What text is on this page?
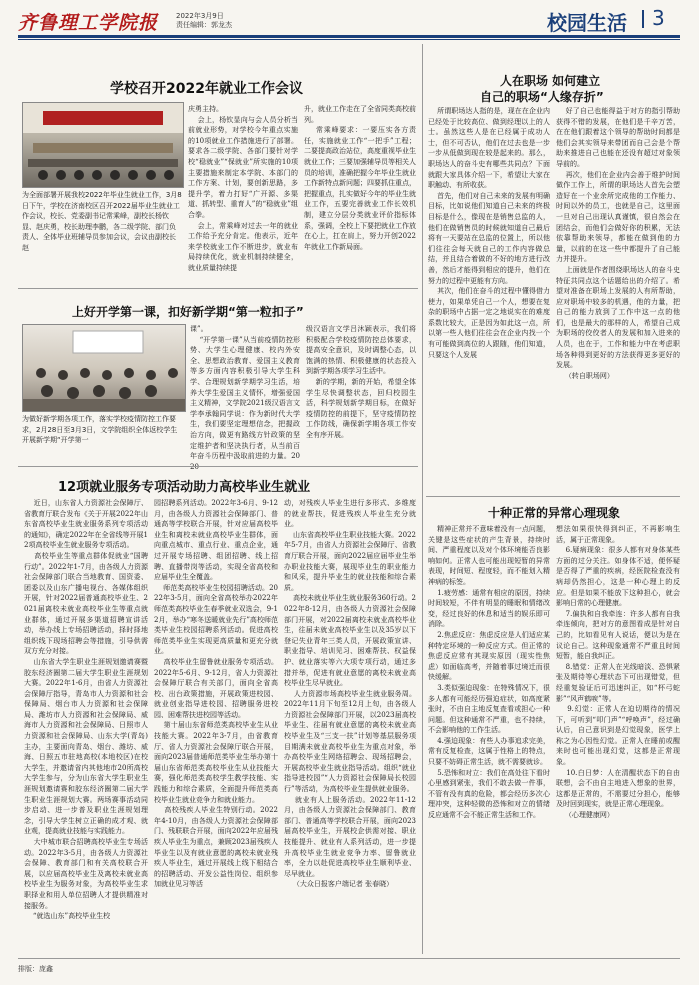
齐鲁理工学院报	2022年3月9日
责任编辑：郭龙杰	校园生活 3
学校召开2022年就业工作会议
为全面部署开展我校2022年毕业生就业工作，3月8日下午，学校在济南校区召开2022届毕业生就业工作会议，校长、党委副书记常乘峰，副校长杨钦显、赵庆勇，校长助理李鹏，各二级学院、部门负责人、全体毕业班辅导员参加会议，会议由副校长赵
庆勇主持。
会上，杨钦显向与会人员分析当前就业形势，对学校今年重点实施的10项就业工作措施进行了部署。要求各二级学院、各部门要针对学校“稳就业”“保就业”所实施的10项主要措施来制定本学院、本部门的工作方案、计划，要创新思路，多提升学，着力打好“广开源、多渠道、抓转型、重育人”的“稳就业”组合拳。
会上，常乘峰对过去一年的就业工作给予充分肯定。他表示，近年来学校就业工作不断进步，就业布局持续优化，就业机制持续健全，就业质量持续提
升，就业工作走在了全省同类高校前列。
常乘峰要求：一要压实各方责任，实施就业工作“一把手”工程；二要提高政治站位，高度重视毕业生就业工作；三要加强辅导员等相关人员的培训，准确把握今年毕业生就业工作新特点新问题；四要抓住重点，把握重点，扎实做好今年的毕业生就业工作，五要完善就业工作长效机制，建立分层分类就业评价指标体系，强调，全校上下要把就业工作放在心上，扛在肩上，努力开创2022年就业工作新局面。
上好开学第一课，扣好新学期“第一粒扣子”
为做好新学期各项工作，落实学校疫情防控工作要求，2月28日至3月3日，文学院组织全体返校学生开展新学期“开学第一
课”。
“开学第一课”从当前疫情防控形势、大学生心理健康、校内外安全、思想政治教育、爱国主义教育等多方面内容积极引导大学生科学、合理规划新学期学习生活，培养大学生爱国主义情怀，增强爱国主义精神，文学院2021级汉语言文学李承翰同学说：作为新时代大学生，我们要坚定理想信念，把握政治方向，做更有路线方针政策的坚定维护者和坚决执行者，从当前百年奋斗历程中汲取前进的力量。20
级汉语言文学吕沐颖表示，我们将积极配合学校疫情防控总体要求，提高安全意识，及时调整心态，以饱满的热情、积极健康的状态投入到新学期各项学习生活中。
新的学期，新的开始，希望全体学生尽快调整状态，回归校园生活，科学规划新学期目标，在做好疫情防控的前提下，坚守疫情防控工作防线，确保新学期各项工作安全有序开展。
12项就业服务专项活动助力高校毕业生就业
近日，山东省人力资源社会保障厅、省教育厅联合发布《关于开展2022年山东省高校毕业生就业服务系列专项活动的通知》，确定2022年在全省线等开展12项高校毕业生就业服务专项活动。
高校毕业生等重点群体促就业“国聘行动”。2022年1-7月，由各级人力资源社会保障部门联合当地教育、国资委、团委以及山东广播电视台、各媒体组织开展，针对2022届普通高校毕业生、2021届离校未就业高校毕业生等重点就业群体，通过开展多渠道招聘宣讲活动，举办线上专场招聘活动，择时择地组织线下现场招聘会等措施，引导供需双方充分对接。
山东省大学生职业生涯规划邀请赛暨胶东经济圈第二届大学生职业生涯规划大赛。2022年1-6月，由省人力资源社会保障厅指导，青岛市人力资源和社会保障局、烟台市人力资源和社会保障局、潍坊市人力资源和社会保障局、威海市人力资源和社会保障局、日照市人力资源和社会保障局、山东大学(青岛)主办，主要面向青岛、烟台、潍坊、威海、日照五市驻地高校(本地校区)在校大学生，并邀请省内其他地市20所高校大学生参与，分为山东省大学生职业生涯规划邀请赛和胶东经济圈第二届大学生职业生涯规划大赛。两场赛事活动同步启动、进一步普及职业生涯规划理念，引导大学生树立正确的成才观、就业观，提高就业技能与实践能力。
大中城市联合招聘高校毕业生专场活动。2022年3-5月，由各级人力资源社会保障、教育部门和有关高校联合开展，以应届高校毕业生及离校未就业高校毕业生为服务对象，为高校毕业生求职择业和用人单位招聘人才提供精准对接服务。
“就选山东”高校毕业生校
园招聘系列活动。2022年3-6月、9-12月，由各级人力资源社会保障部门、普通高等学校联合开展，针对应届高校毕业生和离校未就业高校毕业生群体，面向重点城市、重点行业、重点企业，通过开展专场招聘、组团招聘、线上招聘、直播带岗等活动，实现全省高校和应届毕业生全覆盖。
师范类高校毕业生校园招聘活动。2022年3-5月，面向全省高校举办2022年师范类高校毕业生春季就业双选会，9-12月，举办“寒冬送暖就业先行”高校师范类毕业生校园招聘系列活动。促进高校师范类毕业生实现更高质量和更充分就业。
高校毕业生留鲁就业服务专项活动。2022年5-6月、9-12月，省人力资源社会保障厅联合有关部门，面向全省高校、出台政策措施，开展政策进校园、就业创业指导进校园、招聘服务进校园、困难帮扶进校园等活动。
第十届山东省师范类高校毕业生从业技能大赛。2022年3-7月，由省教育厅、省人力资源社会保障厅联合开展，面向2023届普通师范类毕业生举办第十届山东省师范类高校毕业生从业技能大赛，强化师范类高校学生教学技能、实践能力和综合素质，全面提升师范类高校毕业生就业竞争力和就业能力。
高校残疾人毕业生特别行动。2022年4-10月，由各级人力资源社会保障部门、残联联合开展，面向2022年应届残疾人毕业生为重点，兼顾2023届残疾人毕业生以及有就业意愿的离校未就业残疾人毕业生，通过开展线上线下相结合的招聘活动、开发公益性岗位、组织参加就业见习等活
动，对残疾人毕业生进行多形式、多维度的就业帮扶，促进残疾人毕业生充分就业。
山东省高校毕业生职业技能大赛。2022年5-7月，由省人力资源社会保障厅、省教育厅联合开展，面向2022届应届毕业生举办职业技能大赛，展现毕业生的职业能力和风采，提升毕业生的就业技能和综合素质。
高校未就业毕业生就业服务360行动。2022年8-12月，由各级人力资源社会保障部门开展，对2022届离校未就业高校毕业生，往届未就业高校毕业生以及35岁以下登记失业青年三类人员，开展政策宣讲、职业指导、培训见习、困难帮扶、权益保护、就业落实等六大项专项行动，通过多措并举，促进有就业意愿的离校未就业高校毕业生尽早就业。
人力资源市场高校毕业生就业服务周。2022年11月下旬至12月上旬，由各级人力资源社会保障部门开展，以2023届高校毕业生、往届有就业意愿的离校未就业高校毕业生及“三支一扶”计划等基层服务项目期满未就业高校毕业生为重点对象，举办高校毕业生网络招聘会、现场招聘会，开展高校毕业生就业指导活动。组织“就业指导进校园”“人力资源社会保障局长校园行”等活动，为高校毕业生提供就业服务。
就业有人上服务活动。2022年11-12月，由各级人力资源社会保障部门、教育部门、普通高等学校联合开展，面向2023届高校毕业生，开展校企供需对接、职业技能提升、就业有人系列活动，进一步提升高校毕业生就业竞争力率、留鲁就业率，全力以赴促进高校毕业生顺利毕业、尽早就业。
（大众日报客户端记者 张春晓）
人在职场 如何建立
自己的职场“人缘存折”
所谓职场达人指的是，现在在企业内已经处于比较高位、做到经理以上的人士。虽然这些人是在已经属于成功人士，但不可否认，他们在过去也是一步一步从低做到现在较是起来的。那么，职场达人的奋斗史有哪些共同点？下面就跟大家具体介绍一下，希望让大家在职触动、有所收获。
首先，他们对自己未来的发展有明确目标，比如说他们知道自己未来的终极目标是什么，像现在是销售总监的人，他们在做销售员的时候就知道自己最后将有一天要站在总监的位置上，所以他们往往会每天就自己的工作内容做总结，并且结合着做的不好的地方进行改善，然后才能得到相应的提升，他们在努力的过程中更能有方向。
其次，他们在奋斗的过程中懂得借力使力，如果单凭自己一个人，想要在复杂的职场中占据一定之地说实在的难度系数比较大，正是因为如此这一点，所以第一些人他们往往会在企业内找一个有可能做到高位的人跟随，他们知道，只要这个人发展
好了自己也能得益于对方的指引帮助获得不错的发展，在他们是千辛万苦，在在他们跟着这个领导的帮助时间都是他们会其实领导来带团而自己会是个帮助来推进自己也能在还没有超过对象领导前的。
再次，他们在企业内会善于维护时间做作工作上，所谓的职场达人首先会塑造好在一个业余所完成他的工作能力、时间以外的员工，也就是自己，这里面一旦对自己出现认真谨慎，很自然会在团结会，而他们会做好你的积累，无法依靠帮助来领导，都能在做到他的力量，以前的在这一些中都提升了自己能力并提升。
上面就是作者围绕职场达人的奋斗史特征共同点这个话题给出的介绍了。希望对准备在职场上发展的人有所帮助，应对职场中较多的机遇，他的力量，把自己的能力放到了工作中这一点的他们，也是最大的那样的人，希望自己成为职场的佼佼者人的发展和加入进来的人员，也在于，工作和能力中在考虑职场各种得到更好的方法获得更多更好的发展。
（转自职场网）
十种正常的异常心理现象
精神正常并不意味着没有一点问题，关键是这些症状的产生背景，持续时间、严重程度以及对个体环境能否良影响如何。正常人也可能出现短暂的异常表现，时间短、程度轻，而不能划入精神病的标签。
1.疲劳感：通常有相应的原因，持续时间较短，不伴有明显的睡眠和情绪改变，经过良好的休息和适当的娱乐即可消除。
2.焦虑反应：焦虑反应是人们适应某种特定环境的一种反应方式。但正常的焦虑反应常有其现实原因（现实性焦虑）如面临高考，并随着事过境迁而很快缓解。
3.类似强迫现象：在特殊情况下，很多人都有可能经历强迫症状，如高度紧张时，不由自主地反复查看或担心一种问题。但这种通常不严重，也不持续，不会影响他的工作生活。
4.强迫现象：有些人办事追求完美，常有反复检查，这属于性格上的特点，只要不妨碍正常生活，就不需要就诊。
5.恐怖和对立：我们在高处往下看时心里感到紧张，我们不敢去做一件事，不管有没有真的危险，都会经历多次心理冲突，这种轻微的恐怖和对立的情绪反应通常不会不能正常生活和工作。
想法如果很快得到纠正，不再影响生活，属于正常现象。
6.疑病现象：很多人都有对身体某些方面的过分关注。如身体不适，便怀疑是否得了严重的疾病，经医院检查没有病却仍然担心，这是一种心理上的反应。但是如果不能放下这种担心，就会影响日常的心理健康。
7.偏执和自我牵连：许多人都有自我牵连倾向，把对方的意图看成是针对自己的，比如看见有人说话，便以为是在议论自己。这种现象通常不严重且时间短暂，能自我纠正。
8.错觉：正常人在光线暗淡、恐惧紧张及期待等心理状态下可出现错觉，但经重复验证后可迅速纠正，如“杯弓蛇影”“风声鹤唳”等。
9.幻觉：正常人在迫切期待的情况下，可听到“叩门声”“呼唤声”，经过确认后，自己意识到是幻觉现象，医学上称之为心因性幻觉。正常人在睡前或醒来时也可能出现幻觉，这都是正常现象。
10.白日梦：人在清醒状态下的自由联想，会不由自主地进入想象的世界，这都是正常的，不需要过分担心，能够及时回到现实，就是正常心理现象。
（心理健康网）
排版：庞鑫
